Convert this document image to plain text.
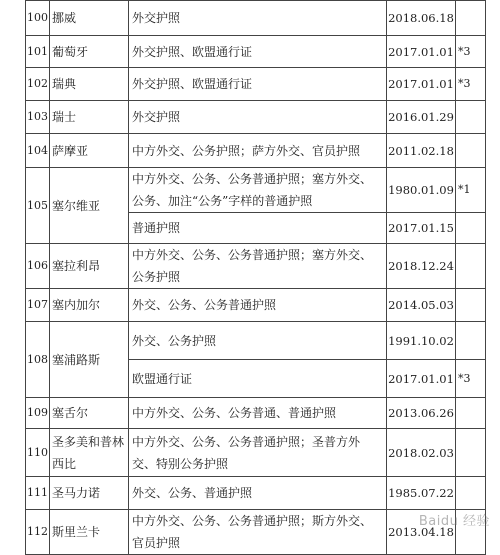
100	挪威	外交护照	2018.06.18	
101	葡萄牙	外交护照、欧盟通行证	2017.01.01	*3
102	瑞典	外交护照、欧盟通行证	2017.01.01	*3
103	瑞士	外交护照	2016.01.29	
104	萨摩亚	中方外交、公务护照；萨方外交、官员护照	2011.02.18	
105	塞尔维亚	中方外交、公务、公务普通护照；塞方外交、公务、加注“公务”字样的普通护照	1980.01.09	*1
		普通护照	2017.01.15	
106	塞拉利昂	中方外交、公务、公务普通护照；塞方外交、公务护照	2018.12.24	
107	塞内加尔	外交、公务、公务普通护照	2014.05.03	
108	塞浦路斯	外交、公务护照	1991.10.02	
		欧盟通行证	2017.01.01	*3
109	塞舌尔	中方外交、公务、公务普通、普通护照	2013.06.26	
110	圣多美和普林西比	中方外交、公务、公务普通护照；圣普方外交、特别公务护照	2018.02.03	
111	圣马力诺	外交、公务、普通护照	1985.07.22	
112	斯里兰卡	中方外交、公务、公务普通护照；斯方外交、官员护照	2013.04.18	
Baidu 经验
